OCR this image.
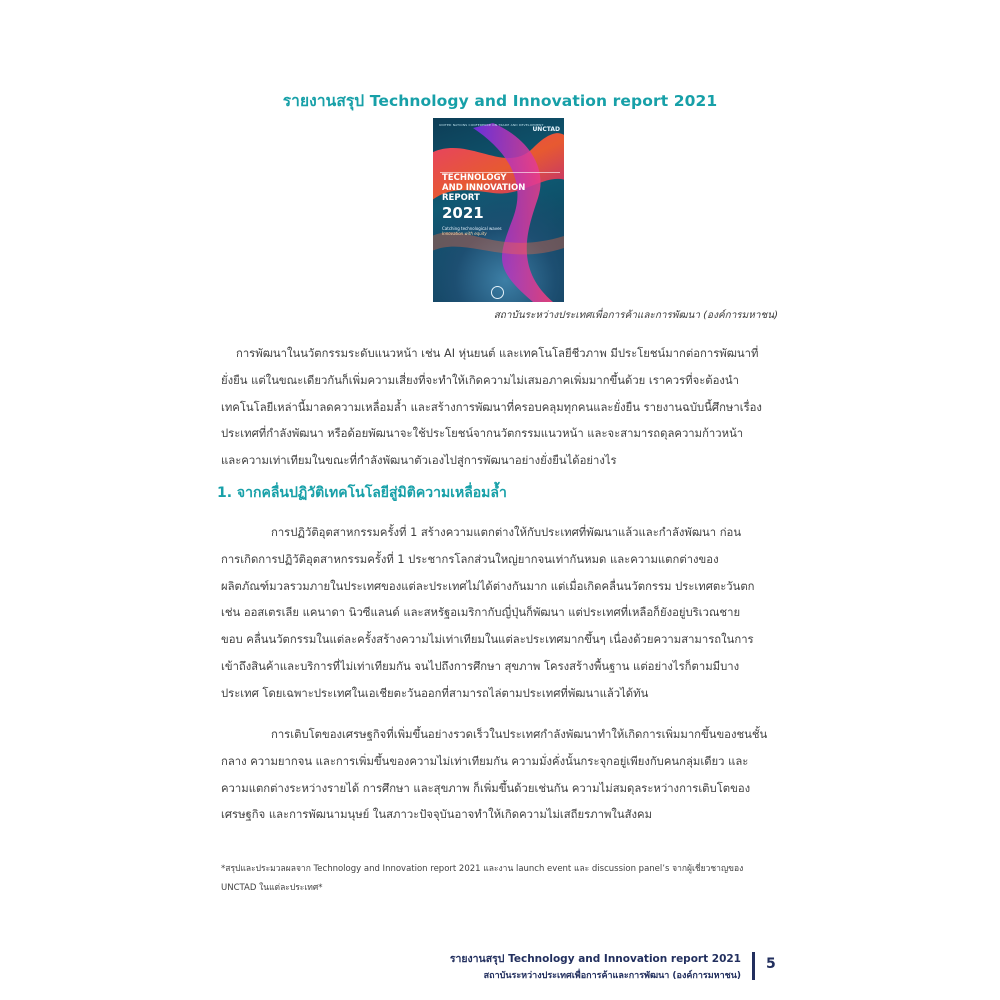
รายงานสรุป Technology and Innovation report 2021
UNITED NATIONS CONFERENCE ON TRADE AND DEVELOPMENT
UNCTAD
TECHNOLOGY
AND INNOVATION
REPORT
2021
Catching technological waves
Innovation with equity
สถาบันระหว่างประเทศเพื่อการค้าและการพัฒนา (องค์การมหาชน)
การพัฒนาในนวัตกรรมระดับแนวหน้า เช่น AI หุ่นยนต์ และเทคโนโลยีชีวภาพ มีประโยชน์มากต่อการพัฒนาที่
ยั่งยืน แต่ในขณะเดียวกันก็เพิ่มความเสี่ยงที่จะทำให้เกิดความไม่เสมอภาคเพิ่มมากขึ้นด้วย เราควรที่จะต้องนำ
เทคโนโลยีเหล่านี้มาลดความเหลื่อมล้ำ และสร้างการพัฒนาที่ครอบคลุมทุกคนและยั่งยืน รายงานฉบับนี้ศึกษาเรื่อง
ประเทศที่กำลังพัฒนา หรือด้อยพัฒนาจะใช้ประโยชน์จากนวัตกรรมแนวหน้า และจะสามารถดุลความก้าวหน้า
และความเท่าเทียมในขณะที่กำลังพัฒนาตัวเองไปสู่การพัฒนาอย่างยั่งยืนได้อย่างไร
1. จากคลื่นปฏิวัติเทคโนโลยีสู่มิติความเหลื่อมล้ำ
การปฏิวัติอุตสาหกรรมครั้งที่ 1 สร้างความแตกต่างให้กับประเทศที่พัฒนาแล้วและกำลังพัฒนา ก่อน
การเกิดการปฏิวัติอุตสาหกรรมครั้งที่ 1 ประชากรโลกส่วนใหญ่ยากจนเท่ากันหมด และความแตกต่างของ
ผลิตภัณฑ์มวลรวมภายในประเทศของแต่ละประเทศไม่ได้ต่างกันมาก แต่เมื่อเกิดคลื่นนวัตกรรม ประเทศตะวันตก
เช่น ออสเตรเลีย แคนาดา นิวซีแลนด์ และสหรัฐอเมริกากับญี่ปุ่นก็พัฒนา แต่ประเทศที่เหลือก็ยังอยู่บริเวณชาย
ขอบ คลื่นนวัตกรรมในแต่ละครั้งสร้างความไม่เท่าเทียมในแต่ละประเทศมากขึ้นๆ เนื่องด้วยความสามารถในการ
เข้าถึงสินค้าและบริการที่ไม่เท่าเทียมกัน จนไปถึงการศึกษา สุขภาพ โครงสร้างพื้นฐาน แต่อย่างไรก็ตามมีบาง
ประเทศ โดยเฉพาะประเทศในเอเชียตะวันออกที่สามารถไล่ตามประเทศที่พัฒนาแล้วได้ทัน
การเติบโตของเศรษฐกิจที่เพิ่มขึ้นอย่างรวดเร็วในประเทศกำลังพัฒนาทำให้เกิดการเพิ่มมากขึ้นของชนชั้น
กลาง ความยากจน และการเพิ่มขึ้นของความไม่เท่าเทียมกัน ความมั่งคั่งนั้นกระจุกอยู่เพียงกับคนกลุ่มเดียว และ
ความแตกต่างระหว่างรายได้ การศึกษา และสุขภาพ ก็เพิ่มขึ้นด้วยเช่นกัน ความไม่สมดุลระหว่างการเติบโตของ
เศรษฐกิจ และการพัฒนามนุษย์ ในสภาวะปัจจุบันอาจทำให้เกิดความไม่เสถียรภาพในสังคม
*สรุปและประมวลผลจาก Technology and Innovation report 2021 และงาน launch event และ discussion panel’s จากผู้เชี่ยวชาญของ
UNCTAD ในแต่ละประเทศ*
รายงานสรุป Technology and Innovation report 2021
สถาบันระหว่างประเทศเพื่อการค้าและการพัฒนา (องค์การมหาชน)
5
